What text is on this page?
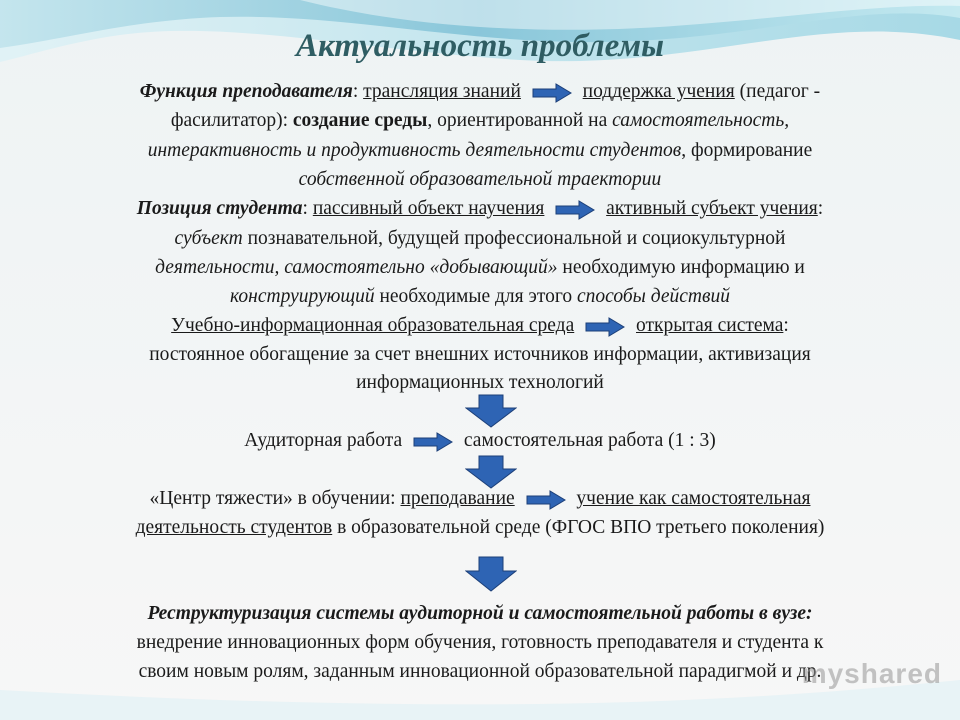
Актуальность проблемы
Функция преподавателя: трансляция знаний	поддержка учения (педагог -
фасилитатор): создание среды, ориентированной на самостоятельность,
интерактивность и продуктивность деятельности студентов, формирование
собственной образовательной траектории
Позиция студента: пассивный объект научения	активный субъект учения:
субъект познавательной, будущей профессиональной и социокультурной
деятельности, самостоятельно «добывающий» необходимую информацию и
конструирующий необходимые для этого способы действий
Учебно-информационная образовательная среда	открытая система:
постоянное обогащение за счет внешних источников информации, активизация
информационных технологий
Аудиторная работа	самостоятельная работа (1 : 3)
«Центр тяжести» в обучении: преподавание	учение как самостоятельная
деятельность студентов в образовательной среде (ФГОС ВПО третьего поколения)
Реструктуризация системы аудиторной и самостоятельной работы в вузе:
внедрение инновационных форм обучения, готовность преподавателя и студента к
своим новым ролям, заданным инновационной образовательной парадигмой и др.
myshared
